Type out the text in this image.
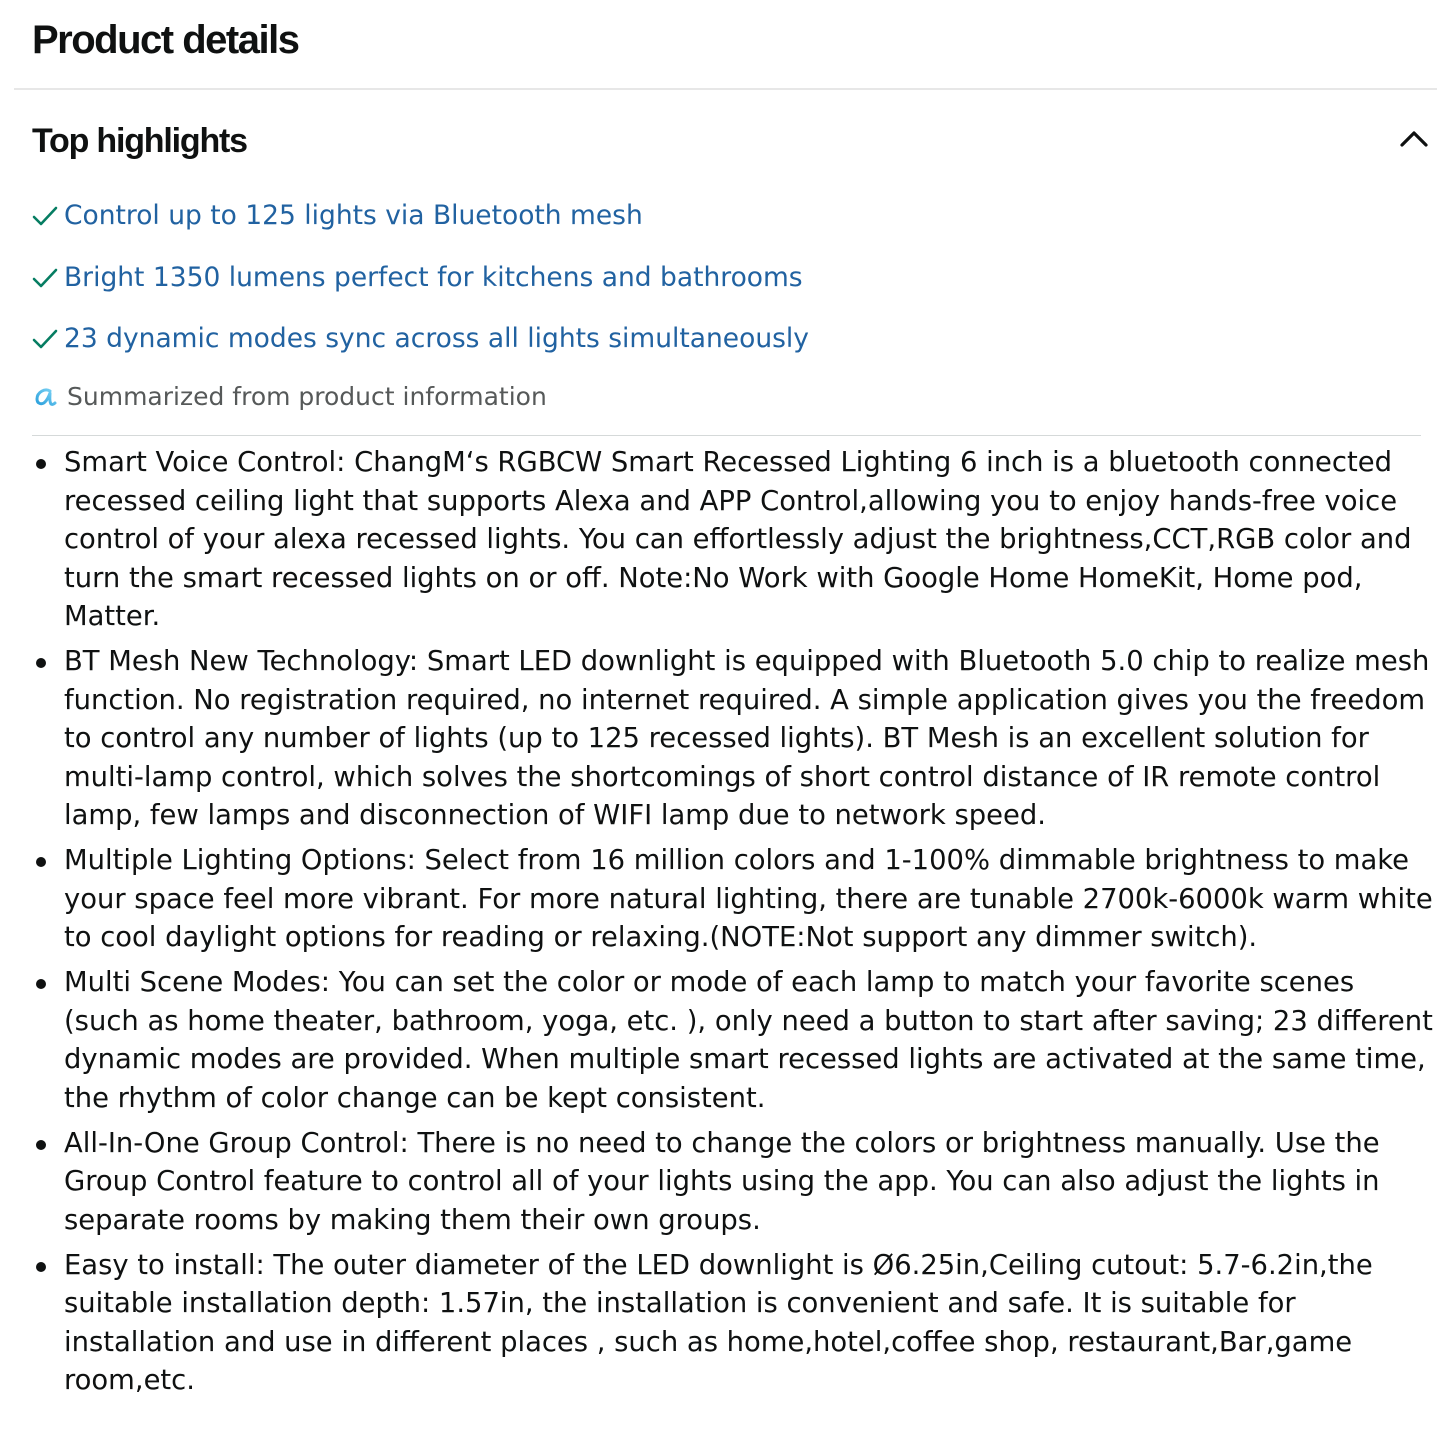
Product details
Top highlights
Control up to 125 lights via Bluetooth mesh
Bright 1350 lumens perfect for kitchens and bathrooms
23 dynamic modes sync across all lights simultaneously
Summarized from product information
Smart Voice Control: ChangM‘s RGBCW Smart Recessed Lighting 6 inch is a bluetooth connected recessed ceiling light that supports Alexa and APP Control,allowing you to enjoy hands-free voice control of your alexa recessed lights. You can effortlessly adjust the brightness,CCT,RGB color and turn the smart recessed lights on or off. Note:No Work with Google Home HomeKit, Home pod, Matter.
BT Mesh New Technology: Smart LED downlight is equipped with Bluetooth 5.0 chip to realize mesh function. No registration required, no internet required. A simple application gives you the freedom to control any number of lights (up to 125 recessed lights). BT Mesh is an excellent solution for multi-lamp control, which solves the shortcomings of short control distance of IR remote control lamp, few lamps and disconnection of WIFI lamp due to network speed.
Multiple Lighting Options: Select from 16 million colors and 1-100% dimmable brightness to make your space feel more vibrant. For more natural lighting, there are tunable 2700k-6000k warm white to cool daylight options for reading or relaxing.(NOTE:Not support any dimmer switch).
Multi Scene Modes: You can set the color or mode of each lamp to match your favorite scenes (such as home theater, bathroom, yoga, etc. ), only need a button to start after saving; 23 different dynamic modes are provided. When multiple smart recessed lights are activated at the same time, the rhythm of color change can be kept consistent.
All-In-One Group Control: There is no need to change the colors or brightness manually. Use the Group Control feature to control all of your lights using the app. You can also adjust the lights in separate rooms by making them their own groups.
Easy to install: The outer diameter of the LED downlight is Ø6.25in,Ceiling cutout: 5.7-6.2in,the suitable installation depth: 1.57in, the installation is convenient and safe. It is suitable for installation and use in different places , such as home,hotel,coffee shop, restaurant,Bar,game room,etc.
